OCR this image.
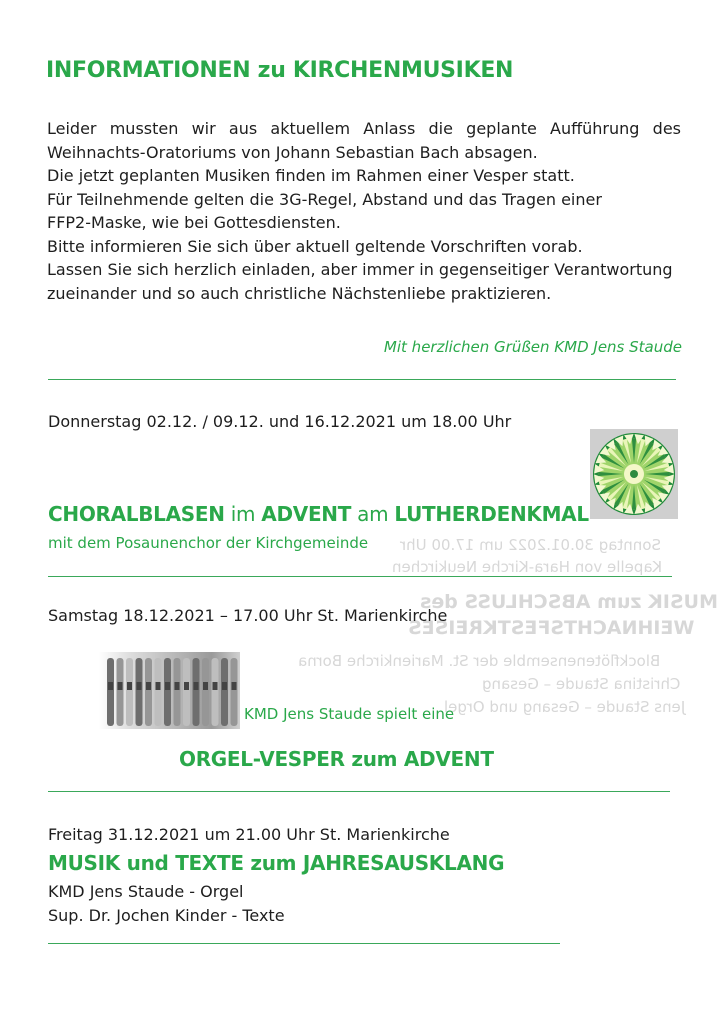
Sonntag 30.01.2022 um 17.00 Uhr
Kapelle von Hara-Kirche Neukirchen
MUSIK zum ABSCHLUSS des
WEIHNACHTSFESTKREISES
Blockflötenensemble der St. Marienkirche Borna
Christina Staude – Gesang
Jens Staude – Gesang und Orgel
INFORMATIONEN zu KIRCHENMUSIKEN

Leider mussten wir aus aktuellem Anlass die geplante Aufführung des Weihnachts-Oratoriums von Johann Sebastian Bach absagen.

Die jetzt geplanten Musiken finden im Rahmen einer Vesper statt.

Für Teilnehmende gelten die 3G-Regel, Abstand und das Tragen einer FFP2-Maske, wie bei Gottesdiensten.

Bitte informieren Sie sich über aktuell geltende Vorschriften vorab.

Lassen Sie sich herzlich einladen, aber immer in gegenseitiger Verantwortung zueinander und so auch christliche Nächstenliebe praktizieren.

Mit herzlichen Grüßen KMD Jens Staude
Donnerstag 02.12. / 09.12. und 16.12.2021 um 18.00 Uhr
CHORALBLASEN im ADVENT am LUTHERDENKMAL
mit dem Posaunenchor der Kirchgemeinde
Samstag 18.12.2021 – 17.00 Uhr St. Marienkirche
KMD Jens Staude spielt eine
ORGEL-VESPER zum ADVENT
Freitag 31.12.2021 um 21.00 Uhr St. Marienkirche
MUSIK und TEXTE zum JAHRESAUSKLANG
KMD Jens Staude - Orgel
Sup. Dr. Jochen Kinder - Texte
